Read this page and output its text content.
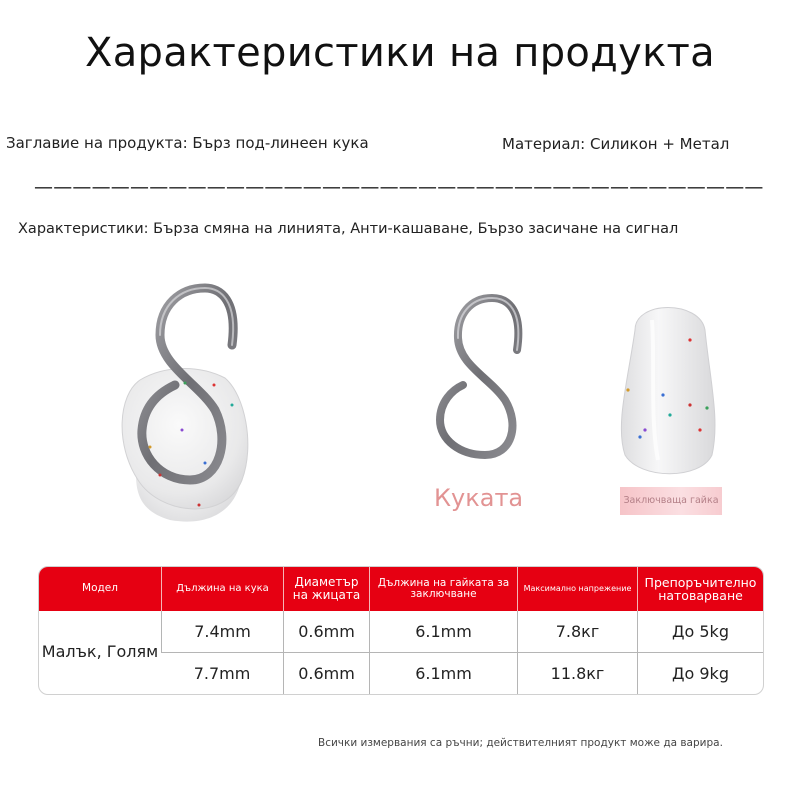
Характеристики на продукта
Заглавие на продукта: Бърз под-линеен кука	Материал: Силикон + Метал
——————————————————————————————————————
Характеристики: Бърза смяна на линията, Анти-кашаване, Бързо засичане на сигнал
Куката	Заключваща гайка
Модел	Дължина на кука	Диаметър на жицата	Дължина на гайката за заключване	Максимално напрежение	Препоръчително натоварване
Малък, Голям	7.4mm	0.6mm	6.1mm	7.8кг	До 5kg
	7.7mm	0.6mm	6.1mm	11.8кг	До 9kg
Всички измервания са ръчни; действителният продукт може да варира.
